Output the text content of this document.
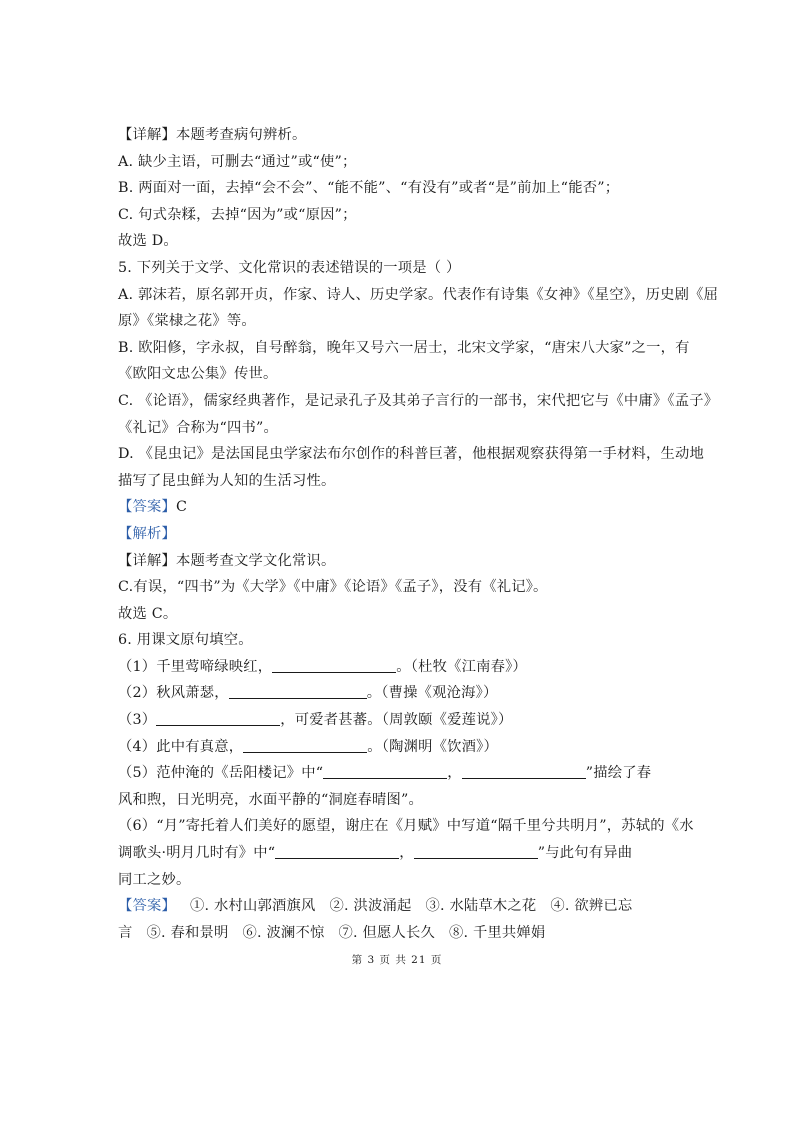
【详解】本题考查病句辨析。
A. 缺少主语，可删去“通过”或“使”；
B. 两面对一面，去掉“会不会”、“能不能”、“有没有”或者“是”前加上“能否”；
C. 句式杂糅，去掉“因为”或“原因”；
故选 D。
5. 下列关于文学、文化常识的表述错误的一项是（ ）
A. 郭沫若，原名郭开贞，作家、诗人、历史学家。代表作有诗集《女神》《星空》，历史剧《屈
原》《棠棣之花》等。
B. 欧阳修，字永叔，自号醉翁，晚年又号六一居士，北宋文学家，“唐宋八大家”之一，有
《欧阳文忠公集》传世。
C. 《论语》，儒家经典著作，是记录孔子及其弟子言行的一部书，宋代把它与《中庸》《孟子》
《礼记》合称为“四书”。
D. 《昆虫记》是法国昆虫学家法布尔创作的科普巨著，他根据观察获得第一手材料，生动地
描写了昆虫鲜为人知的生活习性。
【答案】C
【解析】
【详解】本题考查文学文化常识。
C.有误，“四书”为《大学》《中庸》《论语》《孟子》，没有《礼记》。
故选 C。
6. 用课文原句填空。
（1）千里莺啼绿映红，	。（杜牧《江南春》）
（2）秋风萧瑟，	。（曹操《观沧海》）
（3）	，可爱者甚蕃。（周敦颐《爱莲说》）
（4）此中有真意，	。（陶渊明《饮酒》）
（5）范仲淹的《岳阳楼记》中“	，	”描绘了春
风和煦，日光明亮，水面平静的“洞庭春晴图”。
（6）“月”寄托着人们美好的愿望，谢庄在《月赋》中写道“隔千里兮共明月”，苏轼的《水
调歌头·明月几时有》中“	，	”与此句有异曲
同工之妙。
【答案】 ①. 水村山郭酒旗风 ②. 洪波涌起 ③. 水陆草木之花 ④. 欲辨已忘
言 ⑤. 春和景明 ⑥. 波澜不惊 ⑦. 但愿人长久 ⑧. 千里共婵娟
第 3 页 共 21 页
